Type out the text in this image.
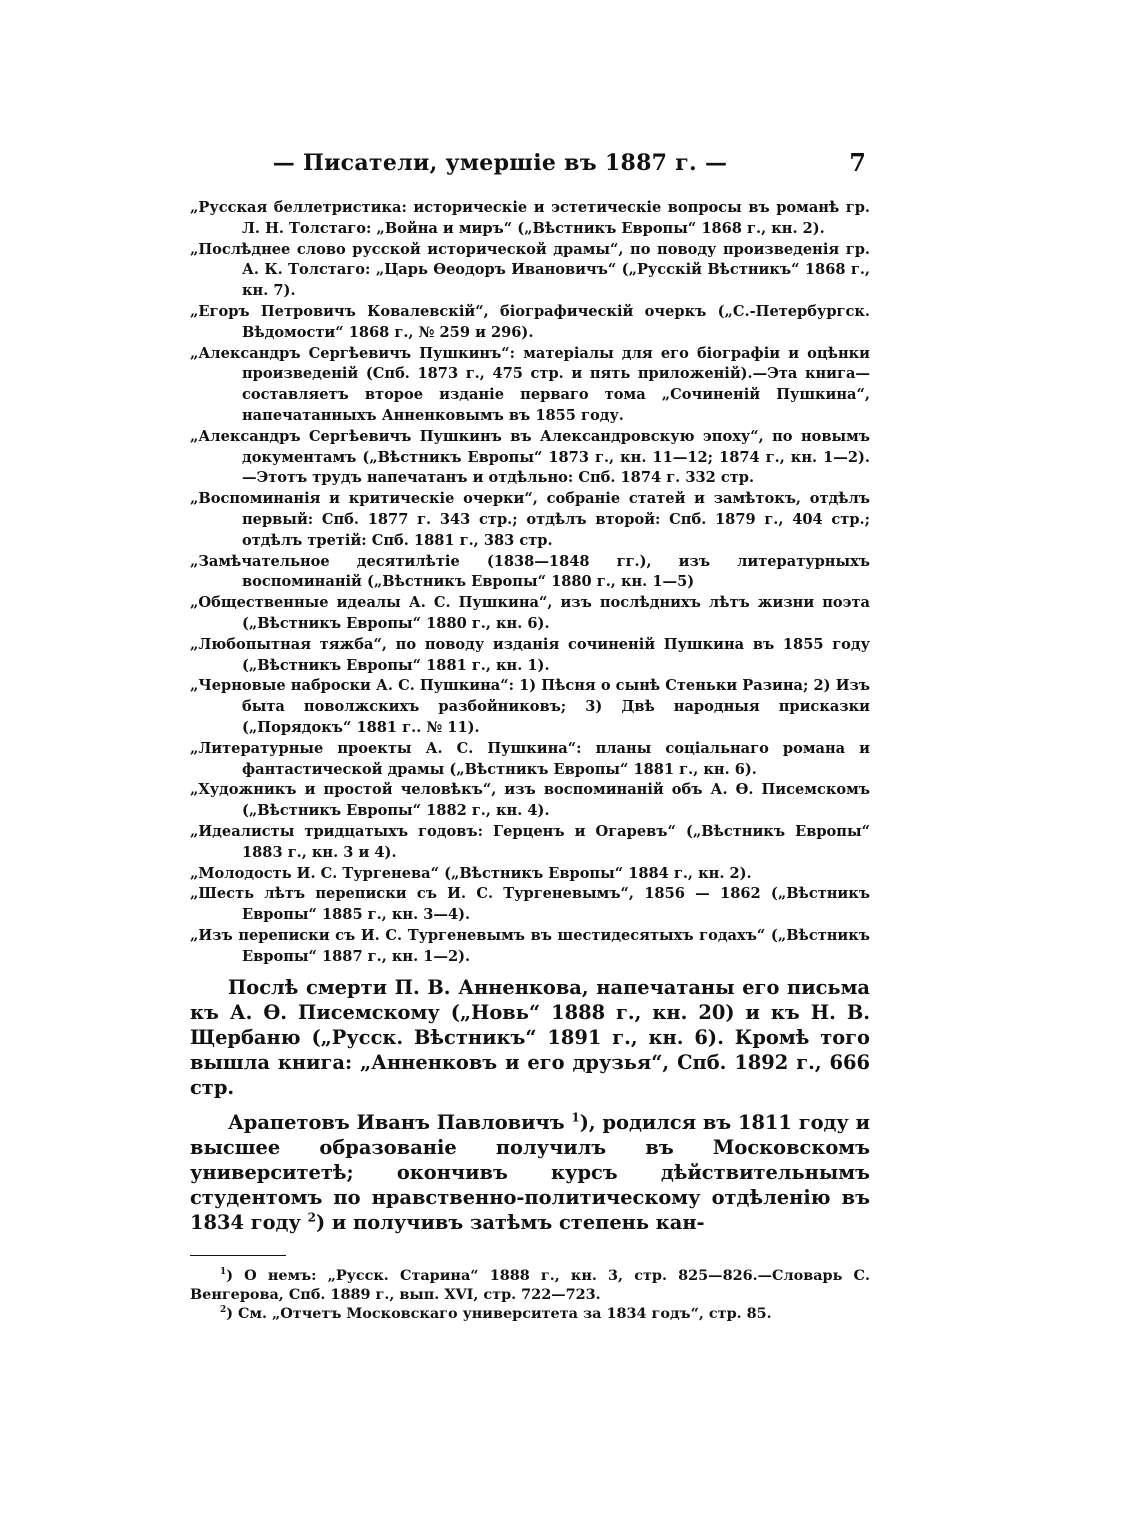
— Писатели, умершіе въ 1887 г. —	7

„Русская беллетристика: историческіе и эстетическіе вопросы въ романѣ гр. Л. Н. Толстаго: „Война и миръ“ („Вѣстникъ Европы“ 1868 г., кн. 2).

„Послѣднее слово русской исторической драмы“, по поводу произведенія гр. А. К. Толстаго: „Царь Ѳеодоръ Ивановичъ“ („Русскій Вѣстникъ“ 1868 г., кн. 7).

„Егоръ Петровичъ Ковалевскій“, біографическій очеркъ („С.-Петербургск. Вѣдомости“ 1868 г., № 259 и 296).

„Александръ Сергѣевичъ Пушкинъ“: матеріалы для его біографіи и оцѣнки произведеній (Спб. 1873 г., 475 стр. и пять приложеній).—Эта книга—составляетъ второе изданіе перваго тома „Сочиненій Пушкина“, напечатанныхъ Анненковымъ въ 1855 году.

„Александръ Сергѣевичъ Пушкинъ въ Александровскую эпоху“, по новымъ документамъ („Вѣстникъ Европы“ 1873 г., кн. 11—12; 1874 г., кн. 1—2).—Этотъ трудъ напечатанъ и отдѣльно: Спб. 1874 г. 332 стр.

„Воспоминанія и критическіе очерки“, собраніе статей и замѣтокъ, отдѣлъ первый: Спб. 1877 г. 343 стр.; отдѣлъ второй: Спб. 1879 г., 404 стр.; отдѣлъ третій: Спб. 1881 г., 383 стр.

„Замѣчательное десятилѣтіе (1838—1848 гг.), изъ литературныхъ воспоминаній („Вѣстникъ Европы“ 1880 г., кн. 1—5)

„Общественные идеалы А. С. Пушкина“, изъ послѣднихъ лѣтъ жизни поэта („Вѣстникъ Европы“ 1880 г., кн. 6).

„Любопытная тяжба“, по поводу изданія сочиненій Пушкина въ 1855 году („Вѣстникъ Европы“ 1881 г., кн. 1).

„Черновые наброски А. С. Пушкина“: 1) Пѣсня о сынѣ Стеньки Разина; 2) Изъ быта поволжскихъ разбойниковъ; 3) Двѣ народныя присказки („Порядокъ“ 1881 г.. № 11).

„Литературные проекты А. С. Пушкина“: планы соціальнаго романа и фантастической драмы („Вѣстникъ Европы“ 1881 г., кн. 6).

„Художникъ и простой человѣкъ“, изъ воспоминаній объ А. Ѳ. Писемскомъ („Вѣстникъ Европы“ 1882 г., кн. 4).

„Идеалисты тридцатыхъ годовъ: Герценъ и Огаревъ“ („Вѣстникъ Европы“ 1883 г., кн. 3 и 4).

„Молодость И. С. Тургенева“ („Вѣстникъ Европы“ 1884 г., кн. 2).

„Шесть лѣтъ переписки съ И. С. Тургеневымъ“, 1856 — 1862 („Вѣстникъ Европы“ 1885 г., кн. 3—4).

„Изъ переписки съ И. С. Тургеневымъ въ шестидесятыхъ годахъ“ („Вѣстникъ Европы“ 1887 г., кн. 1—2).

Послѣ смерти П. В. Анненкова, напечатаны его письма къ А. Ѳ. Писемскому („Новь“ 1888 г., кн. 20) и къ Н. В. Щербаню („Русск. Вѣстникъ“ 1891 г., кн. 6). Кромѣ того вышла книга: „Анненковъ и его друзья“, Спб. 1892 г., 666 стр.

Арапетовъ Иванъ Павловичъ $^1$), родился въ 1811 году и высшее образованіе получилъ въ Московскомъ университетѣ; окончивъ курсъ дѣйствительнымъ студентомъ по нравственно-политическому отдѣленію въ 1834 году $^2$) и получивъ затѣмъ степень кан-

$^1$) О немъ: „Русск. Старина“ 1888 г., кн. 3, стр. 825—826.—Словарь С. Венгерова, Спб. 1889 г., вып. XVI, стр. 722—723.

$^2$) См. „Отчетъ Московскаго университета за 1834 годъ“, стр. 85.
